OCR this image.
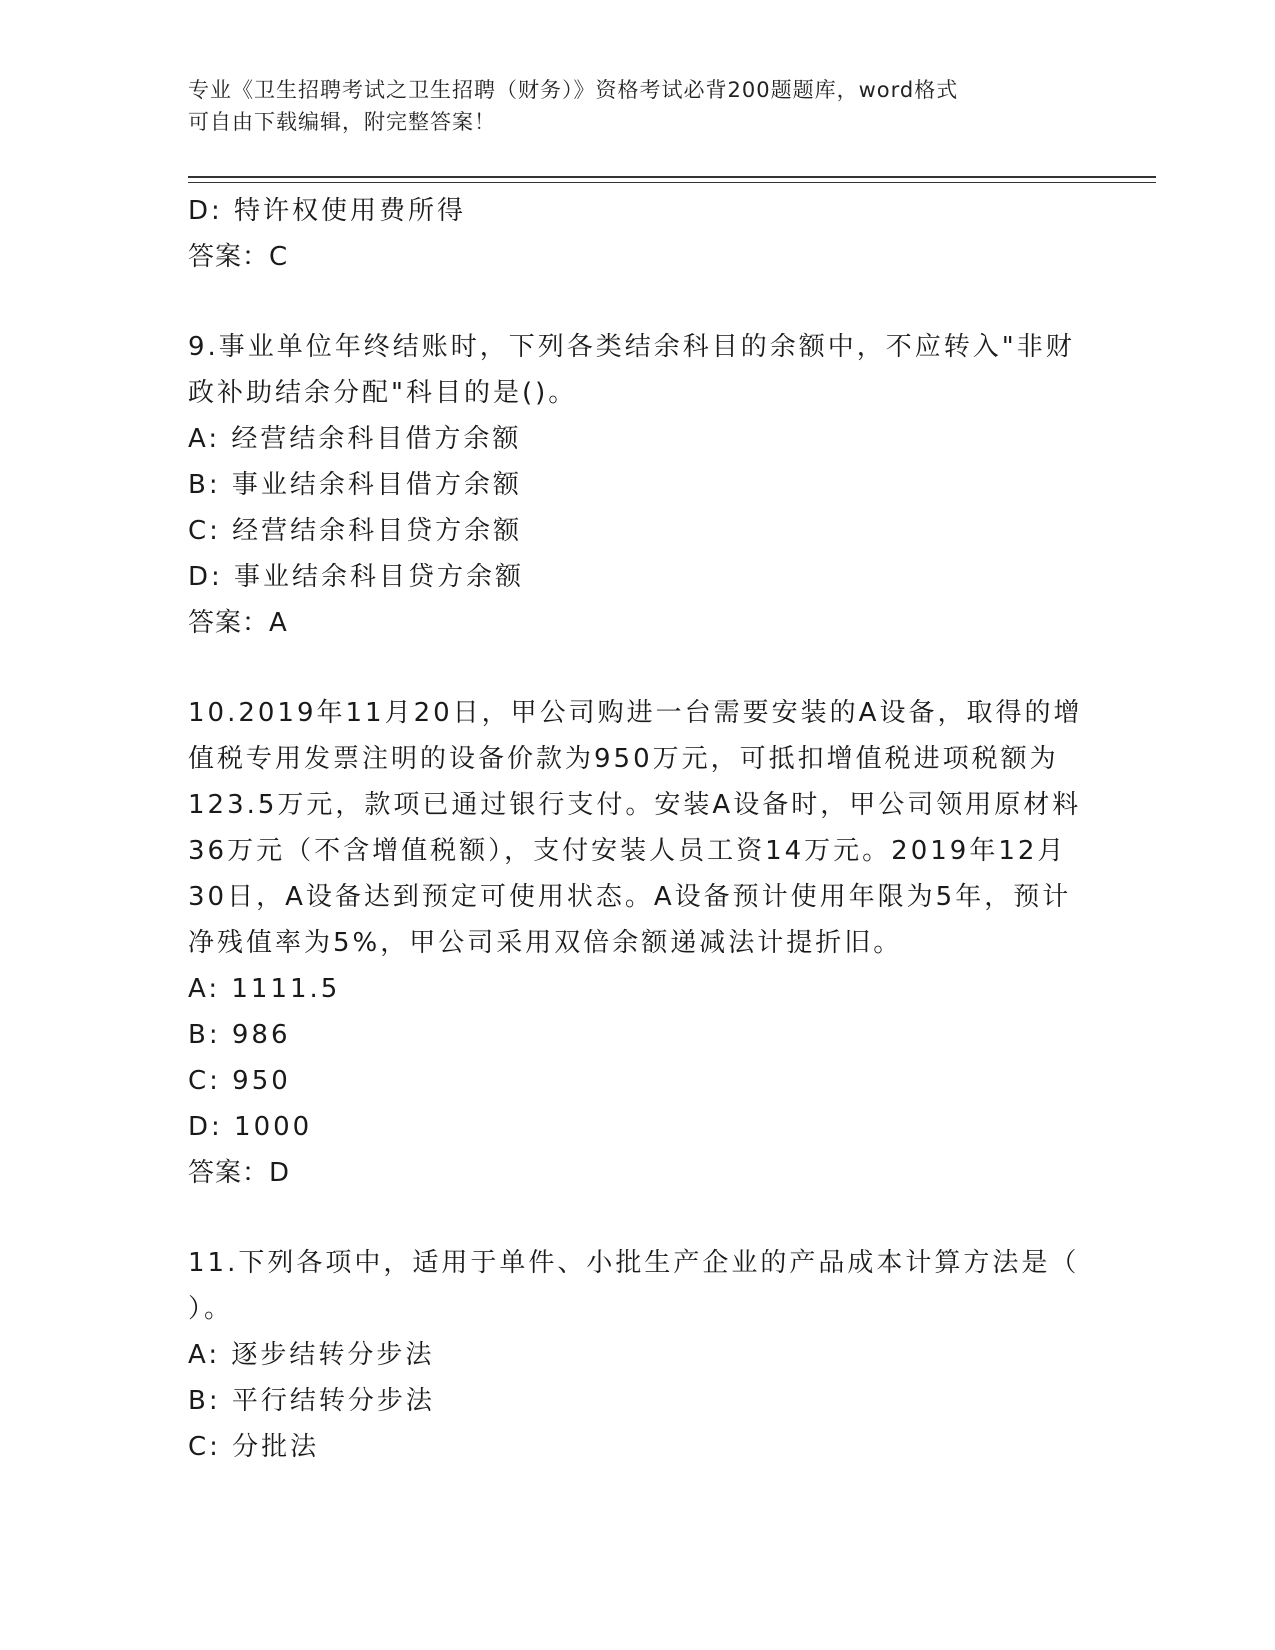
专业《卫生招聘考试之卫生招聘（财务）》资格考试必背200题题库，word格式
可自由下载编辑，附完整答案！
D: 特许权使用费所得
答案：C
9.事业单位年终结账时，下列各类结余科目的余额中，不应转入"非财
政补助结余分配"科目的是()。
A: 经营结余科目借方余额
B: 事业结余科目借方余额
C: 经营结余科目贷方余额
D: 事业结余科目贷方余额
答案：A
10.2019年11月20日，甲公司购进一台需要安装的A设备，取得的增
值税专用发票注明的设备价款为950万元，可抵扣增值税进项税额为
123.5万元，款项已通过银行支付。安装A设备时，甲公司领用原材料
36万元（不含增值税额），支付安装人员工资14万元。2019年12月
30日，A设备达到预定可使用状态。A设备预计使用年限为5年，预计
净残值率为5%，甲公司采用双倍余额递减法计提折旧。
A: 1111.5
B: 986
C: 950
D: 1000
答案：D
11.下列各项中，适用于单件、小批生产企业的产品成本计算方法是（
）。
A: 逐步结转分步法
B: 平行结转分步法
C: 分批法
